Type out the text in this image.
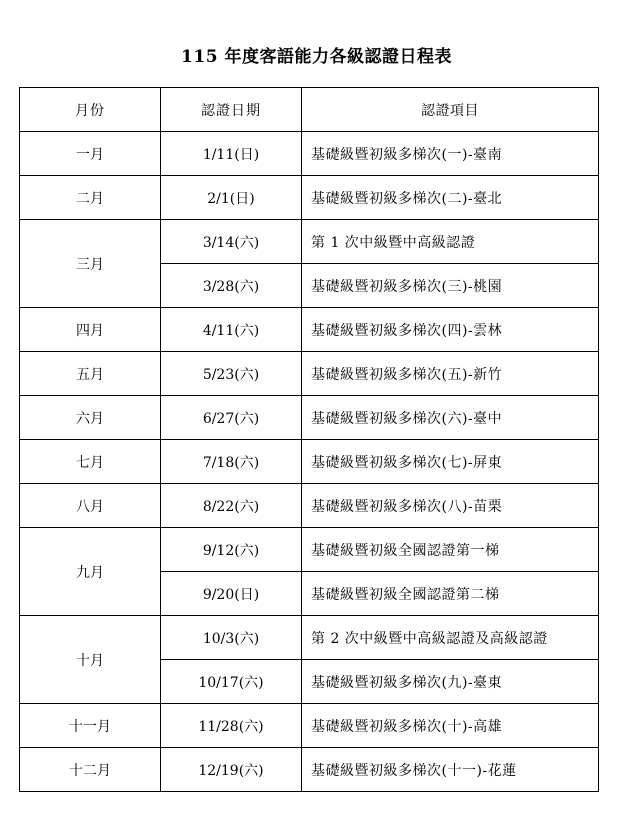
115 年度客語能力各級認證日程表
月份	認證日期	認證項目
一月	1/11(日)	基礎級暨初級多梯次(一)-臺南
二月	2/1(日)	基礎級暨初級多梯次(二)-臺北
三月	3/14(六)	第 1 次中級暨中高級認證
	3/28(六)	基礎級暨初級多梯次(三)-桃園
四月	4/11(六)	基礎級暨初級多梯次(四)-雲林
五月	5/23(六)	基礎級暨初級多梯次(五)-新竹
六月	6/27(六)	基礎級暨初級多梯次(六)-臺中
七月	7/18(六)	基礎級暨初級多梯次(七)-屏東
八月	8/22(六)	基礎級暨初級多梯次(八)-苗栗
九月	9/12(六)	基礎級暨初級全國認證第一梯
	9/20(日)	基礎級暨初級全國認證第二梯
十月	10/3(六)	第 2 次中級暨中高級認證及高級認證
	10/17(六)	基礎級暨初級多梯次(九)-臺東
十一月	11/28(六)	基礎級暨初級多梯次(十)-高雄
十二月	12/19(六)	基礎級暨初級多梯次(十一)-花蓮
